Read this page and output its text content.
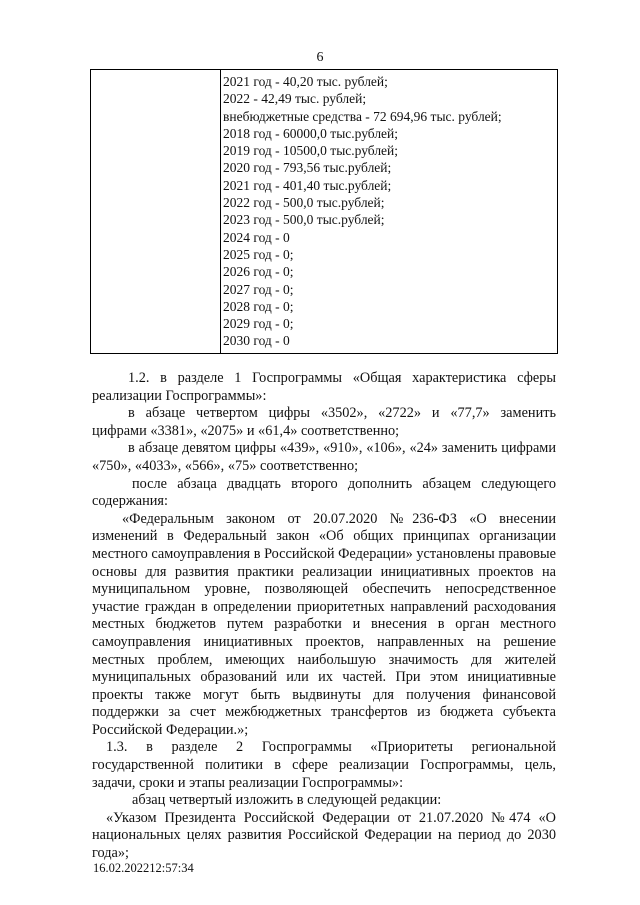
6
2021 год - 40,20 тыс. рублей;
2022 - 42,49 тыс. рублей;
внебюджетные средства - 72 694,96 тыс. рублей;
2018 год - 60000,0 тыс.рублей;
2019 год - 10500,0 тыс.рублей;
2020 год - 793,56 тыс.рублей;
2021 год - 401,40 тыс.рублей;
2022 год - 500,0 тыс.рублей;
2023 год - 500,0 тыс.рублей;
2024 год - 0
2025 год - 0;
2026 год - 0;
2027 год - 0;
2028 год - 0;
2029 год - 0;
2030 год - 0

1.2. в разделе 1 Госпрограммы «Общая характеристика сферы реализации Госпрограммы»:

в абзаце четвертом цифры «3502», «2722» и «77,7» заменить цифрами «3381», «2075» и «61,4» соответственно;

в абзаце девятом цифры «439», «910», «106», «24» заменить цифрами «750», «4033», «566», «75» соответственно;

после абзаца двадцать второго дополнить абзацем следующего содержания:

«Федеральным законом от 20.07.2020 №236-ФЗ «О внесении изменений в Федеральный закон «Об общих принципах организации местного самоуправления в Российской Федерации» установлены правовые основы для развития практики реализации инициативных проектов на муниципальном уровне, позволяющей обеспечить непосредственное участие граждан в определении приоритетных направлений расходования местных бюджетов путем разработки и внесения в орган местного самоуправления инициативных проектов, направленных на решение местных проблем, имеющих наибольшую значимость для жителей муниципальных образований или их частей. При этом инициативные проекты также могут быть выдвинуты для получения финансовой поддержки за счет межбюджетных трансфертов из бюджета субъекта Российской Федерации.»;

1.3. в разделе 2 Госпрограммы «Приоритеты региональной государственной политики в сфере реализации Госпрограммы, цель, задачи, сроки и этапы реализации Госпрограммы»:

абзац четвертый изложить в следующей редакции:

«Указом Президента Российской Федерации от 21.07.2020 №474 «О национальных целях развития Российской Федерации на период до 2030 года»;

16.02.202212:57:34
